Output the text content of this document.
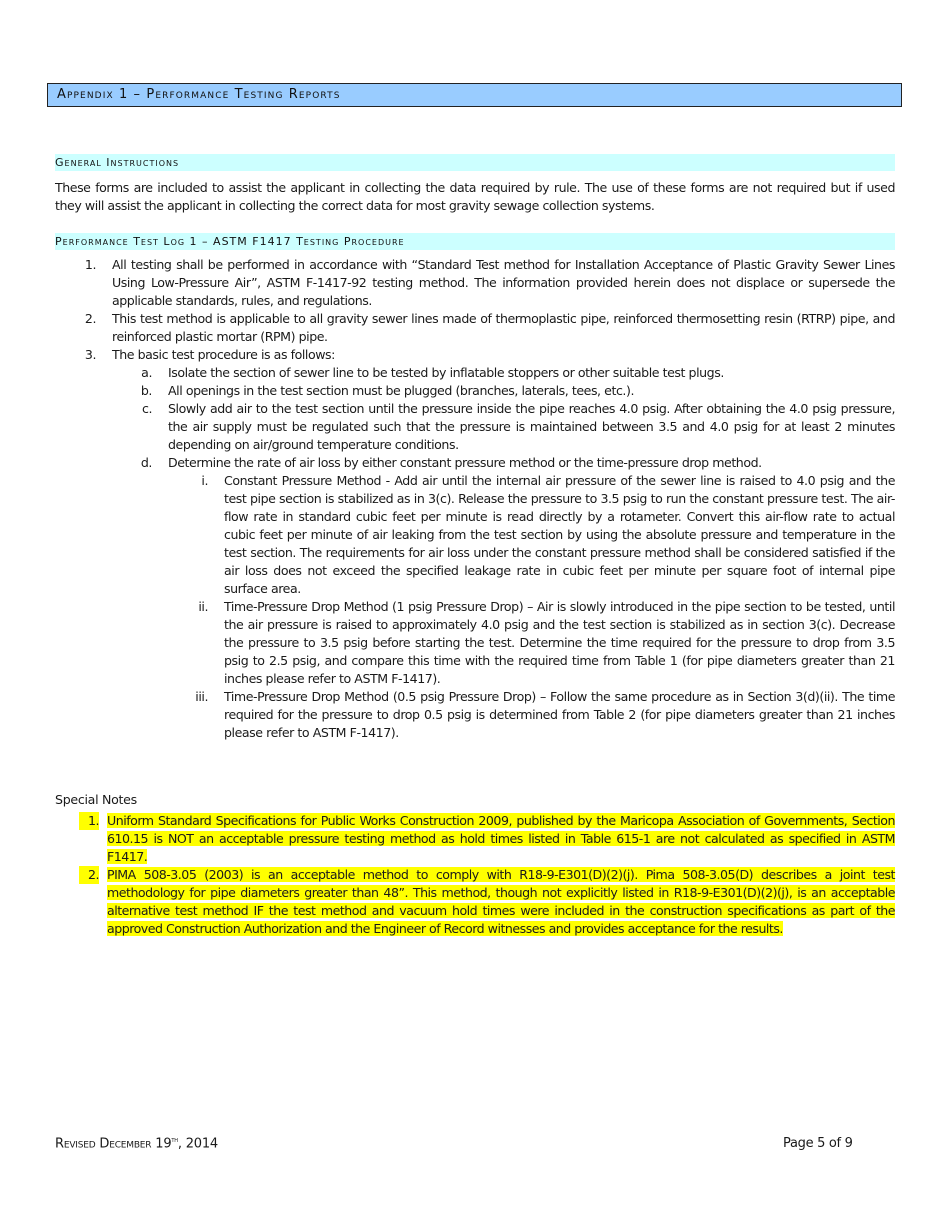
Appendix 1 – Performance Testing Reports
General Instructions
These forms are included to assist the applicant in collecting the data required by rule. The use of these forms are not required but if used they will assist the applicant in collecting the correct data for most gravity sewage collection systems.
Performance Test Log 1 – ASTM F1417 Testing Procedure
1. All testing shall be performed in accordance with “Standard Test method for Installation Acceptance of Plastic Gravity Sewer Lines Using Low-Pressure Air”, ASTM F-1417-92 testing method. The information provided herein does not displace or supersede the applicable standards, rules, and regulations.
2. This test method is applicable to all gravity sewer lines made of thermoplastic pipe, reinforced thermosetting resin (RTRP) pipe, and reinforced plastic mortar (RPM) pipe.
3. The basic test procedure is as follows:
a. Isolate the section of sewer line to be tested by inflatable stoppers or other suitable test plugs.
b. All openings in the test section must be plugged (branches, laterals, tees, etc.).
c. Slowly add air to the test section until the pressure inside the pipe reaches 4.0 psig. After obtaining the 4.0 psig pressure, the air supply must be regulated such that the pressure is maintained between 3.5 and 4.0 psig for at least 2 minutes depending on air/ground temperature conditions.
d. Determine the rate of air loss by either constant pressure method or the time-pressure drop method.
i. Constant Pressure Method - Add air until the internal air pressure of the sewer line is raised to 4.0 psig and the test pipe section is stabilized as in 3(c). Release the pressure to 3.5 psig to run the constant pressure test. The air-flow rate in standard cubic feet per minute is read directly by a rotameter. Convert this air-flow rate to actual cubic feet per minute of air leaking from the test section by using the absolute pressure and temperature in the test section. The requirements for air loss under the constant pressure method shall be considered satisfied if the air loss does not exceed the specified leakage rate in cubic feet per minute per square foot of internal pipe surface area.
ii. Time-Pressure Drop Method (1 psig Pressure Drop) – Air is slowly introduced in the pipe section to be tested, until the air pressure is raised to approximately 4.0 psig and the test section is stabilized as in section 3(c). Decrease the pressure to 3.5 psig before starting the test. Determine the time required for the pressure to drop from 3.5 psig to 2.5 psig, and compare this time with the required time from Table 1 (for pipe diameters greater than 21 inches please refer to ASTM F-1417).
iii. Time-Pressure Drop Method (0.5 psig Pressure Drop) – Follow the same procedure as in Section 3(d)(ii). The time required for the pressure to drop 0.5 psig is determined from Table 2 (for pipe diameters greater than 21 inches please refer to ASTM F-1417).
Special Notes
1. Uniform Standard Specifications for Public Works Construction 2009, published by the Maricopa Association of Governments, Section 610.15 is NOT an acceptable pressure testing method as hold times listed in Table 615-1 are not calculated as specified in ASTM F1417.
2. PIMA 508-3.05 (2003) is an acceptable method to comply with R18-9-E301(D)(2)(j). Pima 508-3.05(D) describes a joint test methodology for pipe diameters greater than 48”. This method, though not explicitly listed in R18-9-E301(D)(2)(j), is an acceptable alternative test method IF the test method and vacuum hold times were included in the construction specifications as part of the approved Construction Authorization and the Engineer of Record witnesses and provides acceptance for the results.
Revised December 19th, 2014	Page 5 of 9
